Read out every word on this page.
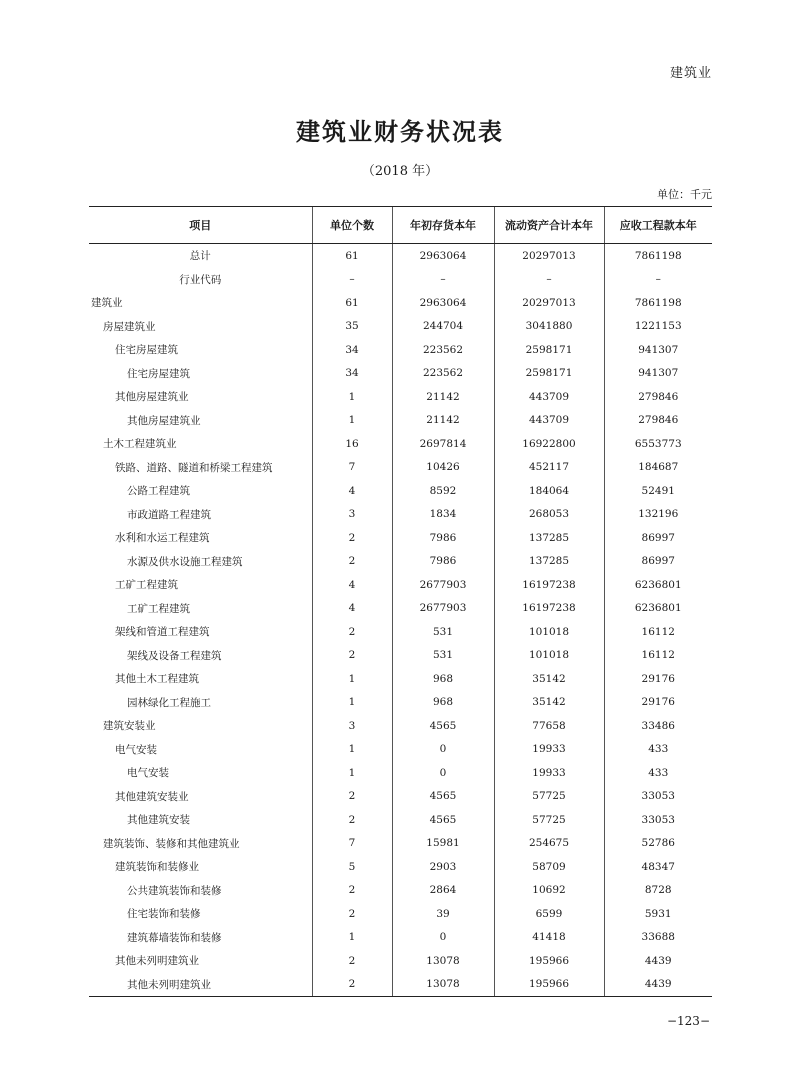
建筑业
建筑业财务状况表
（2018 年）
单位：千元
项目	单位个数	年初存货本年	流动资产合计本年	应收工程款本年
总计	61	2963064	20297013	7861198
行业代码	–	–	–	–
建筑业	61	2963064	20297013	7861198
房屋建筑业	35	244704	3041880	1221153
住宅房屋建筑	34	223562	2598171	941307
住宅房屋建筑	34	223562	2598171	941307
其他房屋建筑业	1	21142	443709	279846
其他房屋建筑业	1	21142	443709	279846
土木工程建筑业	16	2697814	16922800	6553773
铁路、道路、隧道和桥梁工程建筑	7	10426	452117	184687
公路工程建筑	4	8592	184064	52491
市政道路工程建筑	3	1834	268053	132196
水利和水运工程建筑	2	7986	137285	86997
水源及供水设施工程建筑	2	7986	137285	86997
工矿工程建筑	4	2677903	16197238	6236801
工矿工程建筑	4	2677903	16197238	6236801
架线和管道工程建筑	2	531	101018	16112
架线及设备工程建筑	2	531	101018	16112
其他土木工程建筑	1	968	35142	29176
园林绿化工程施工	1	968	35142	29176
建筑安装业	3	4565	77658	33486
电气安装	1	0	19933	433
电气安装	1	0	19933	433
其他建筑安装业	2	4565	57725	33053
其他建筑安装	2	4565	57725	33053
建筑装饰、装修和其他建筑业	7	15981	254675	52786
建筑装饰和装修业	5	2903	58709	48347
公共建筑装饰和装修	2	2864	10692	8728
住宅装饰和装修	2	39	6599	5931
建筑幕墙装饰和装修	1	0	41418	33688
其他未列明建筑业	2	13078	195966	4439
其他未列明建筑业	2	13078	195966	4439
−123−
